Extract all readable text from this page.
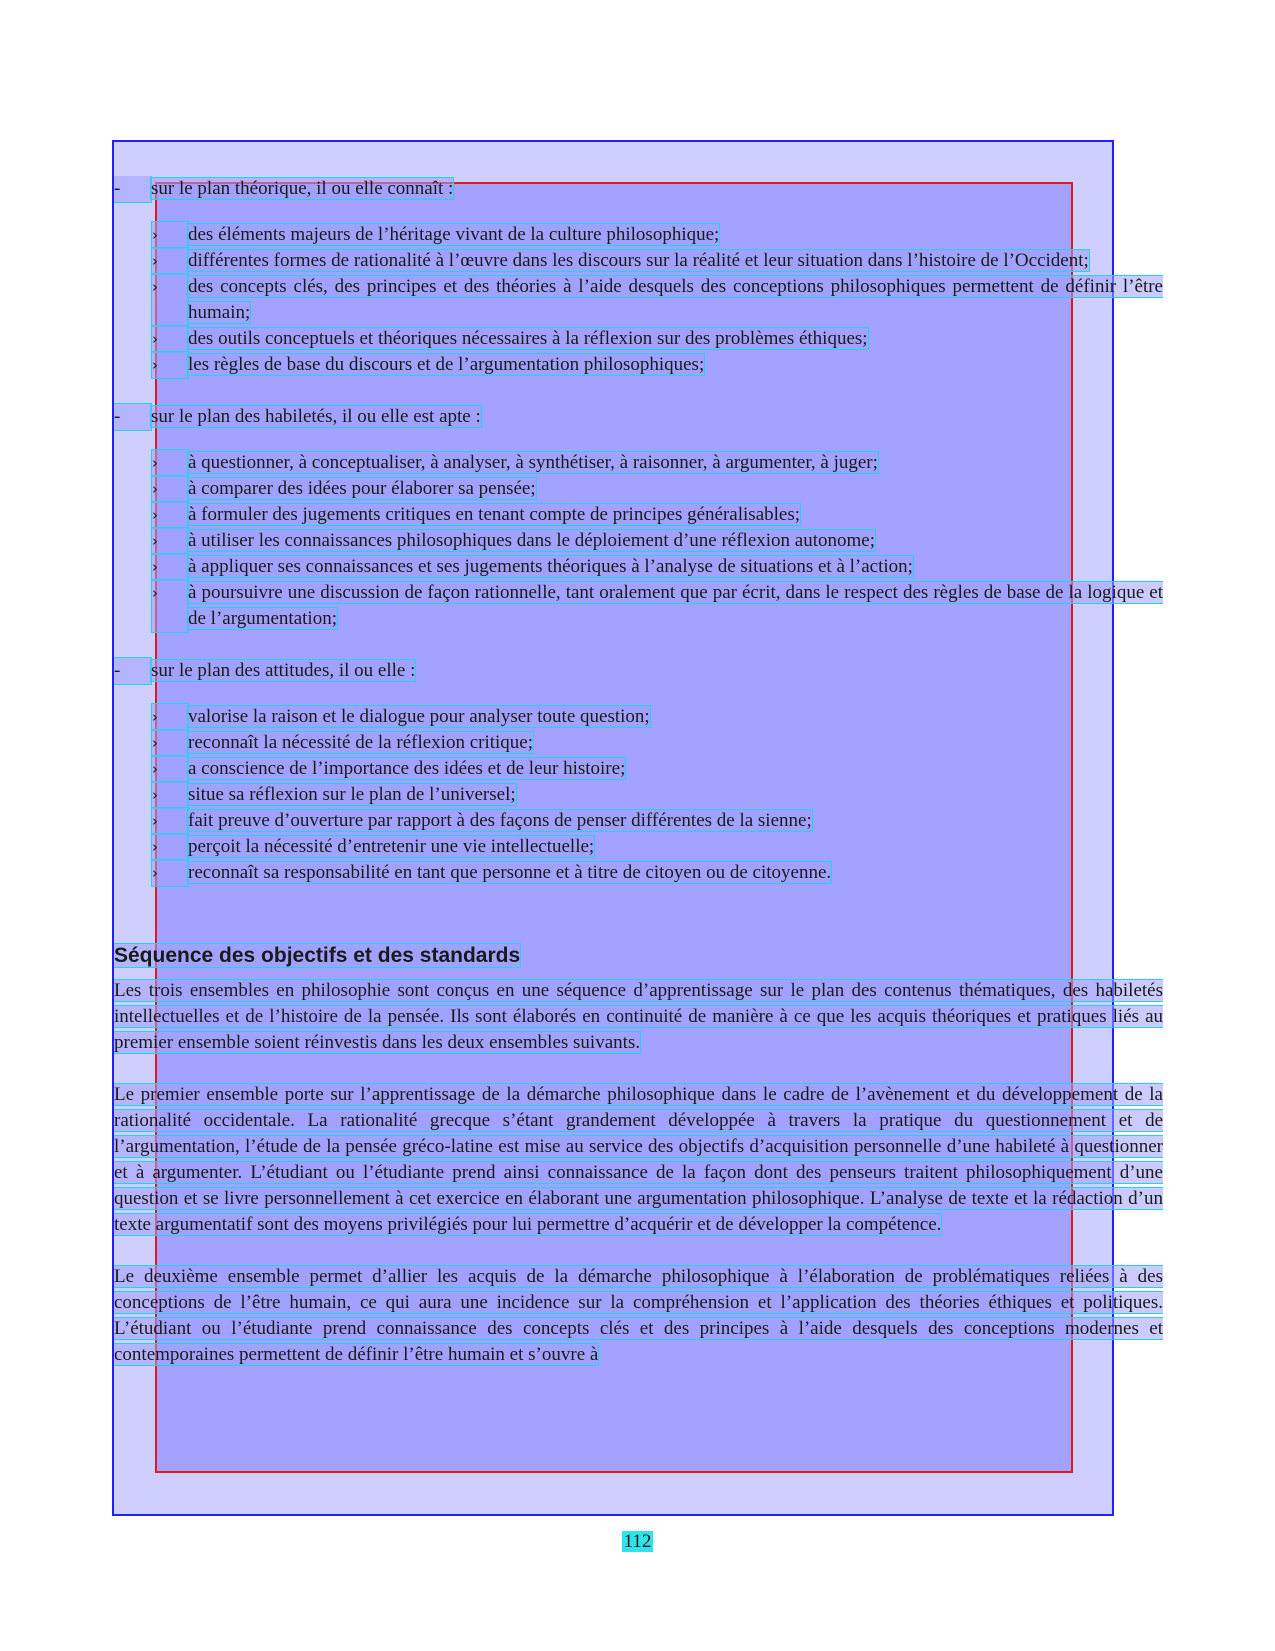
-	sur le plan théorique, il ou elle connaît :
›	des éléments majeurs de l’héritage vivant de la culture philosophique;
›	différentes formes de rationalité à l’œuvre dans les discours sur la réalité et leur situation dans l’histoire de l’Occident;
›	des concepts clés, des principes et des théories à l’aide desquels des conceptions philosophiques permettent de définir l’être humain;
›	des outils conceptuels et théoriques nécessaires à la réflexion sur des problèmes éthiques;
›	les règles de base du discours et de l’argumentation philosophiques;
-	sur le plan des habiletés, il ou elle est apte :
›	à questionner, à conceptualiser, à analyser, à synthétiser, à raisonner, à argumenter, à juger;
›	à comparer des idées pour élaborer sa pensée;
›	à formuler des jugements critiques en tenant compte de principes généralisables;
›	à utiliser les connaissances philosophiques dans le déploiement d’une réflexion autonome;
›	à appliquer ses connaissances et ses jugements théoriques à l’analyse de situations et à l’action;
›	à poursuivre une discussion de façon rationnelle, tant oralement que par écrit, dans le respect des règles de base de la logique et de l’argumentation;
-	sur le plan des attitudes, il ou elle :
›	valorise la raison et le dialogue pour analyser toute question;
›	reconnaît la nécessité de la réflexion critique;
›	a conscience de l’importance des idées et de leur histoire;
›	situe sa réflexion sur le plan de l’universel;
›	fait preuve d’ouverture par rapport à des façons de penser différentes de la sienne;
›	perçoit la nécessité d’entretenir une vie intellectuelle;
›	reconnaît sa responsabilité en tant que personne et à titre de citoyen ou de citoyenne.
Séquence des objectifs et des standards

Les trois ensembles en philosophie sont conçus en une séquence d’apprentissage sur le plan des contenus thématiques, des habiletés intellectuelles et de l’histoire de la pensée. Ils sont élaborés en continuité de manière à ce que les acquis théoriques et pratiques liés au premier ensemble soient réinvestis dans les deux ensembles suivants.

Le premier ensemble porte sur l’apprentissage de la démarche philosophique dans le cadre de l’avènement et du développement de la rationalité occidentale. La rationalité grecque s’étant grandement développée à travers la pratique du questionnement et de l’argumentation, l’étude de la pensée gréco-latine est mise au service des objectifs d’acquisition personnelle d’une habileté à questionner et à argumenter. L’étudiant ou l’étudiante prend ainsi connaissance de la façon dont des penseurs traitent philosophiquement d’une question et se livre personnellement à cet exercice en élaborant une argumentation philosophique. L’analyse de texte et la rédaction d’un texte argumentatif sont des moyens privilégiés pour lui permettre d’acquérir et de développer la compétence.

Le deuxième ensemble permet d’allier les acquis de la démarche philosophique à l’élaboration de problématiques reliées à des conceptions de l’être humain, ce qui aura une incidence sur la compréhension et l’application des théories éthiques et politiques. L’étudiant ou l’étudiante prend connaissance des concepts clés et des principes à l’aide desquels des conceptions modernes et contemporaines permettent de définir l’être humain et s’ouvre à

112
